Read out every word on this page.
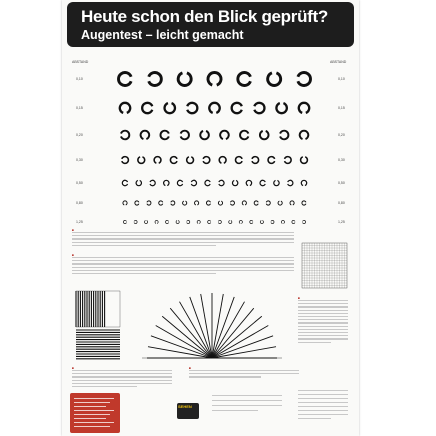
Heute schon den Blick geprüft?
Augentest – leicht gemacht
ABSTAND	ABSTAND
0,10	0,10
0,15	0,15
0,20	0,20
0,30	0,30
0,50	0,50
0,80	0,80
1,25	1,25
■
■
■	■
■
SEHEN
